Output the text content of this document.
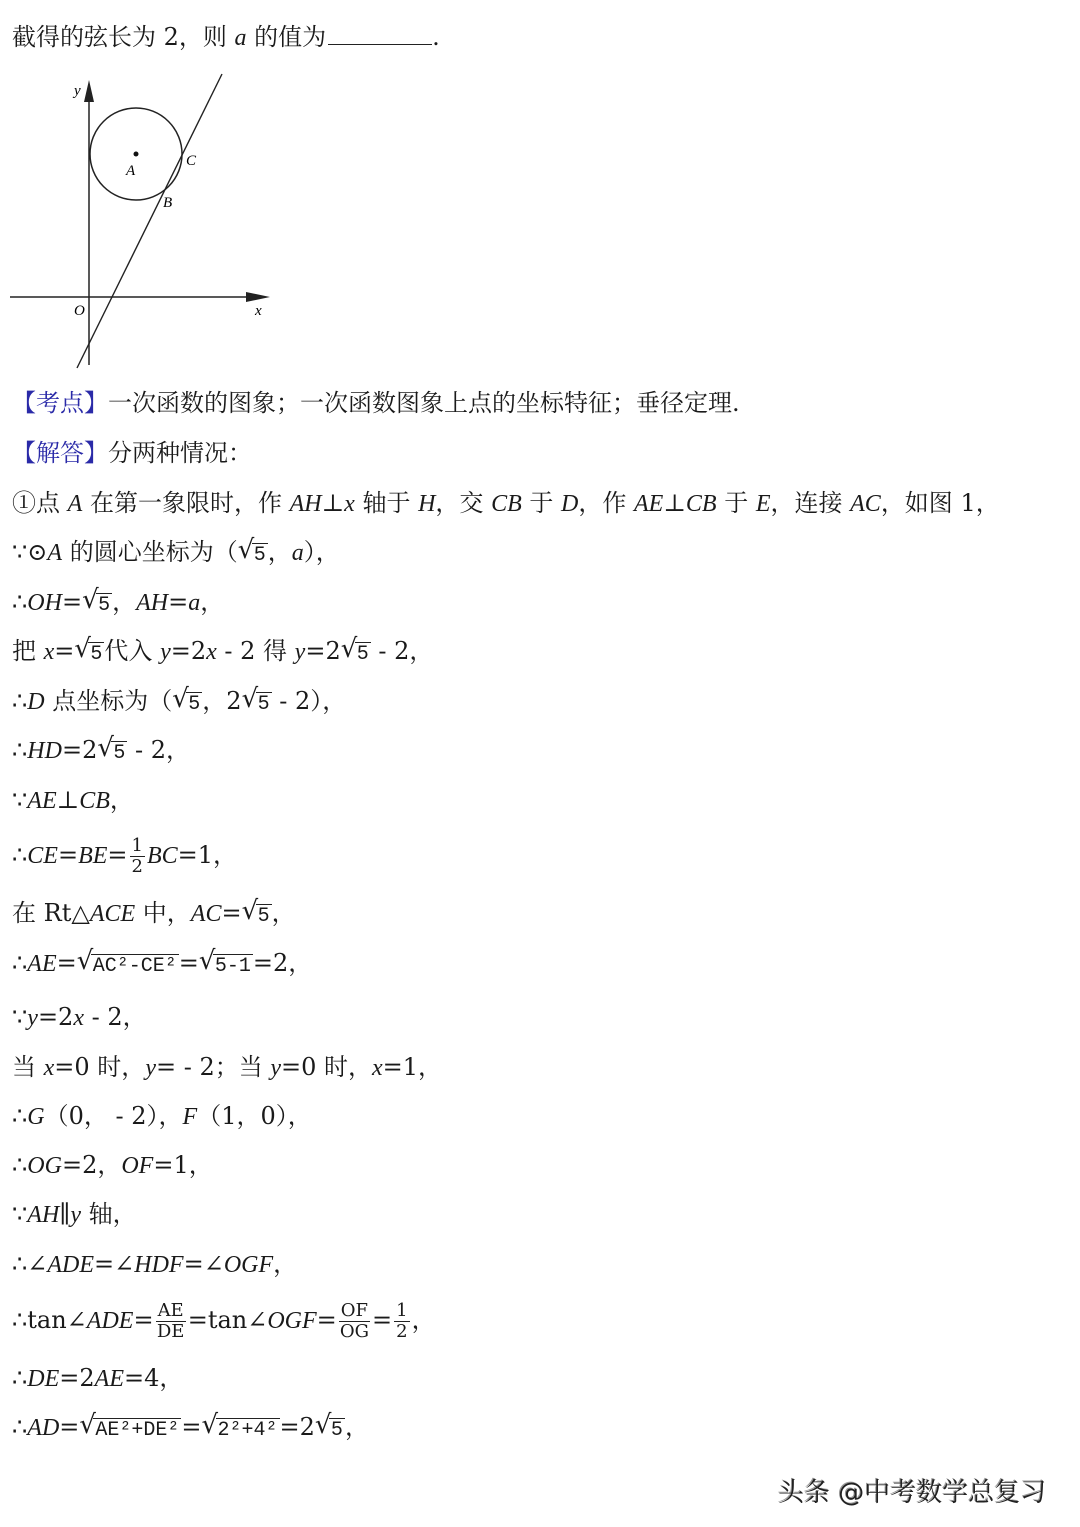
截得的弦长为 2，则 a 的值为	.
y
x
O
A
C
B
【考点】一次函数的图象；一次函数图象上点的坐标特征；垂径定理.
【解答】分两种情况：
①点 A 在第一象限时，作 AH⊥x 轴于 H，交 CB 于 D，作 AE⊥CB 于 E，连接 AC，如图 1，
∵⊙A 的圆心坐标为（ √ 5，a），
∴OH= √ 5，AH=a，
把 x= √ 5代入 y=2x - 2 得 y=2 √ 5 - 2，
∴D 点坐标为（ √ 5，2 √ 5 - 2），
∴HD=2 √ 5 - 2，
∵AE⊥CB，
∴CE=BE= $\frac{1}{2} BC=1$，
在 Rt△ACE 中，AC= √ 5，
∴AE= √ AC²-CE²= √ 5-1=2，
∵y=2x - 2，
当 x=0 时，y= - 2；当 y=0 时，x=1，
∴G（0， - 2），F（1，0），
∴OG=2，OF=1，
∵AH∥y 轴，
∴∠ADE=∠HDF=∠OGF，
∴tan∠ADE= $\frac{AE}{DE}$ =tan∠OGF= $\frac{OF}{OG} = \frac{1}{2}$ ，
∴DE=2AE=4，
∴AD= √ AE²+DE²= √ 2²+4²=2 √ 5，
头条 @中考数学总复习
